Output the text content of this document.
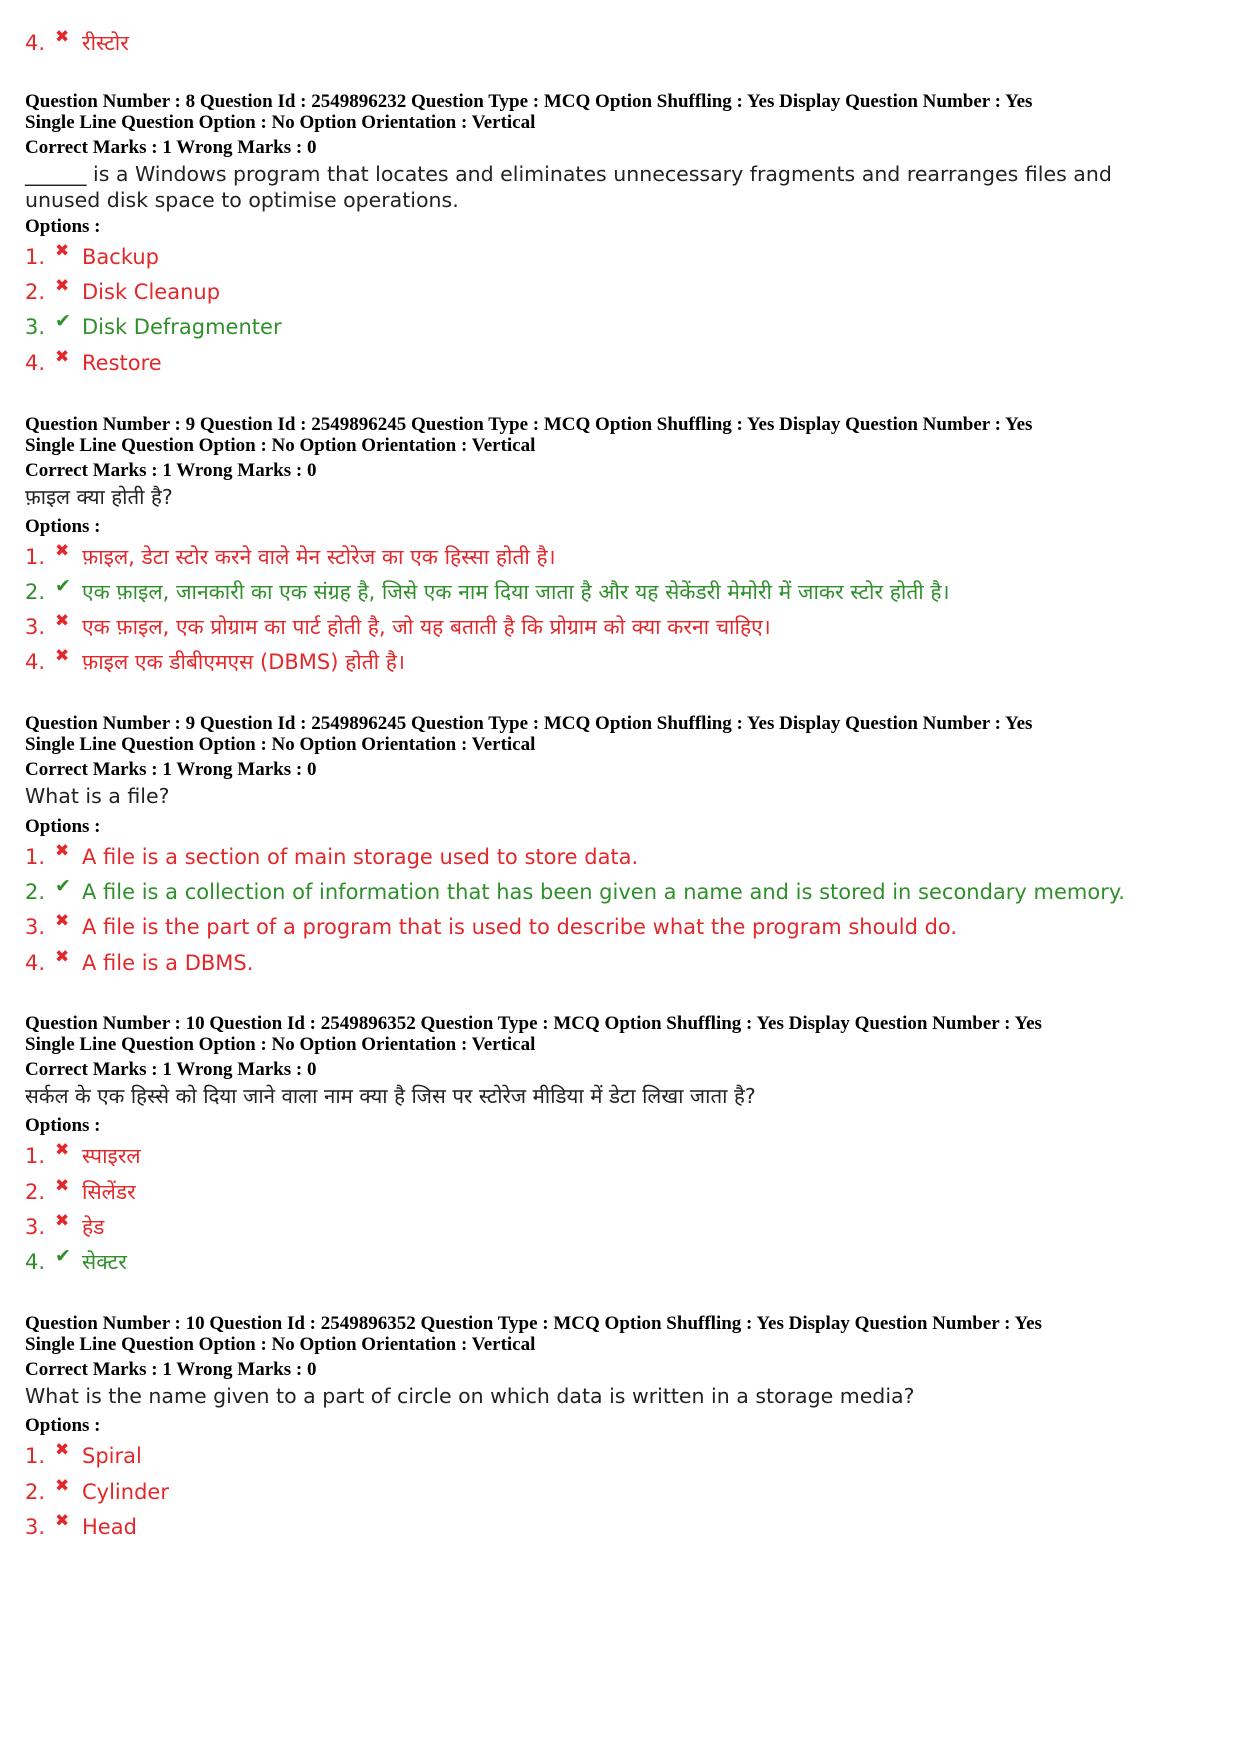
4. ✖ रीस्टोर
Question Number : 8 Question Id : 2549896232 Question Type : MCQ Option Shuffling : Yes Display Question Number : Yes
Single Line Question Option : No Option Orientation : Vertical
Correct Marks : 1 Wrong Marks : 0
______ is a Windows program that locates and eliminates unnecessary fragments and rearranges files and unused disk space to optimise operations.
Options :
1. ✖ Backup
2. ✖ Disk Cleanup
3. ✔ Disk Defragmenter
4. ✖ Restore
Question Number : 9 Question Id : 2549896245 Question Type : MCQ Option Shuffling : Yes Display Question Number : Yes
Single Line Question Option : No Option Orientation : Vertical
Correct Marks : 1 Wrong Marks : 0
फ़ाइल क्या होती है?
Options :
1. ✖ फ़ाइल, डेटा स्टोर करने वाले मेन स्टोरेज का एक हिस्सा होती है।
2. ✔ एक फ़ाइल, जानकारी का एक संग्रह है, जिसे एक नाम दिया जाता है और यह सेकेंडरी मेमोरी में जाकर स्टोर होती है।
3. ✖ एक फ़ाइल, एक प्रोग्राम का पार्ट होती है, जो यह बताती है कि प्रोग्राम को क्या करना चाहिए।
4. ✖ फ़ाइल एक डीबीएमएस (DBMS) होती है।
Question Number : 9 Question Id : 2549896245 Question Type : MCQ Option Shuffling : Yes Display Question Number : Yes
Single Line Question Option : No Option Orientation : Vertical
Correct Marks : 1 Wrong Marks : 0
What is a file?
Options :
1. ✖ A file is a section of main storage used to store data.
2. ✔ A file is a collection of information that has been given a name and is stored in secondary memory.
3. ✖ A file is the part of a program that is used to describe what the program should do.
4. ✖ A file is a DBMS.
Question Number : 10 Question Id : 2549896352 Question Type : MCQ Option Shuffling : Yes Display Question Number : Yes
Single Line Question Option : No Option Orientation : Vertical
Correct Marks : 1 Wrong Marks : 0
सर्कल के एक हिस्से को दिया जाने वाला नाम क्या है जिस पर स्टोरेज मीडिया में डेटा लिखा जाता है?
Options :
1. ✖ स्पाइरल
2. ✖ सिलेंडर
3. ✖ हेड
4. ✔ सेक्टर
Question Number : 10 Question Id : 2549896352 Question Type : MCQ Option Shuffling : Yes Display Question Number : Yes
Single Line Question Option : No Option Orientation : Vertical
Correct Marks : 1 Wrong Marks : 0
What is the name given to a part of circle on which data is written in a storage media?
Options :
1. ✖ Spiral
2. ✖ Cylinder
3. ✖ Head
